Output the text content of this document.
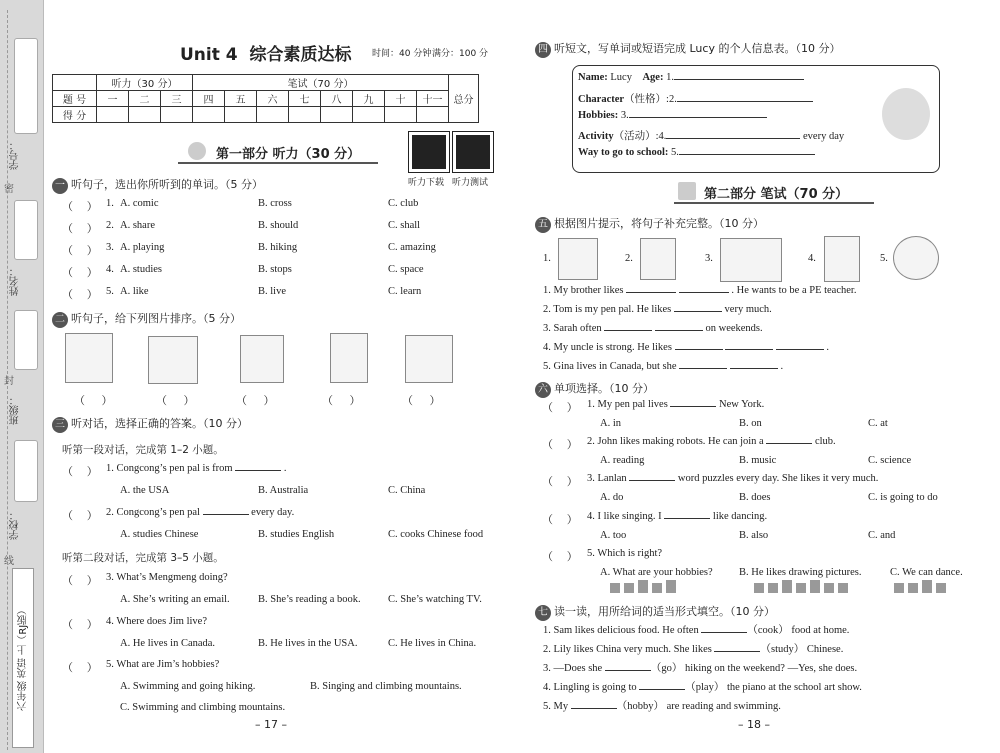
学号：
密
姓名：
封
班级：
学校：
线
六年级 英语 上（RJ版）
Unit 4 综合素质达标 时间：40 分钟 满分：100 分
	听力（30 分）			笔试（70 分）								总分
题 号	一	二	三	四	五	六	七	八	九	十	十一	
得 分												
第一部分 听力（30 分）
听力下载 听力测试
一 听句子，选出你所听到的单词。（5 分）
（     ） 1. A. comic	B. cross	C. club
（     ） 2. A. share	B. should	C. shall
（     ） 3. A. playing	B. hiking	C. amazing
（     ） 4. A. studies	B. stops	C. space
（     ） 5. A. like	B. live	C. learn
二 听句子，给下列图片排序。（5 分）
（      ）	（      ）	（      ）	（      ）	（      ）
三 听对话，选择正确的答案。（10 分）
听第一段对话，完成第 1–2 小题。
听第二段对话，完成第 3–5 小题。
（     ） 1. Congcong’s pen pal is from	.
A. the USA	B. Australia	C. China
（     ） 2. Congcong’s pen pal	every day.
A. studies Chinese	B. studies English	C. cooks Chinese food
（     ） 3. What’s Mengmeng doing?
A. She’s writing an email.	B. She’s reading a book.	C. She’s watching TV.
（     ） 4. Where does Jim live?
A. He lives in Canada.	B. He lives in the USA.	C. He lives in China.
（     ） 5. What are Jim’s hobbies?
A. Swimming and going hiking.	B. Singing and climbing mountains.
C. Swimming and climbing mountains.
– 17 –
四 听短文，写单词或短语完成 Lucy 的个人信息表。（10 分）
Name: Lucy Age: 1.
Character（性格）:2.
Hobbies: 3.
Activity（活动）:4.	every day
Way to go to school: 5.
第二部分 笔试（70 分）
五 根据图片提示，将句子补充完整。（10 分）
1.	2.	3.	4.	5.
1. My brother likes	. He wants to be a PE teacher.
2. Tom is my pen pal. He likes	very much.
3. Sarah often	on weekends.
4. My uncle is strong. He likes	.
5. Gina lives in Canada, but she	.
六 单项选择。（10 分）
（     ） 1. My pen pal lives	New York.
A. in	B. on	C. at
（     ） 2. John likes making robots. He can join a	club.
A. reading	B. music	C. science
（     ） 3. Lanlan	word puzzles every day. She likes it very much.
A. do	B. does	C. is going to do
（     ） 4. I like singing. I	like dancing.
A. too	B. also	C. and
（     ） 5. Which is right?
A. What are your hobbies?	B. He likes drawing pictures.	C. We can dance.
七 读一读，用所给词的适当形式填空。（10 分）
1. Sam likes delicious food. He often	（cook） food at home.
2. Lily likes China very much. She likes	（study） Chinese.
3. —Does she	（go） hiking on the weekend? —Yes, she does.
4. Lingling is going to	（play） the piano at the school art show.
5. My	（hobby） are reading and swimming.
– 18 –
